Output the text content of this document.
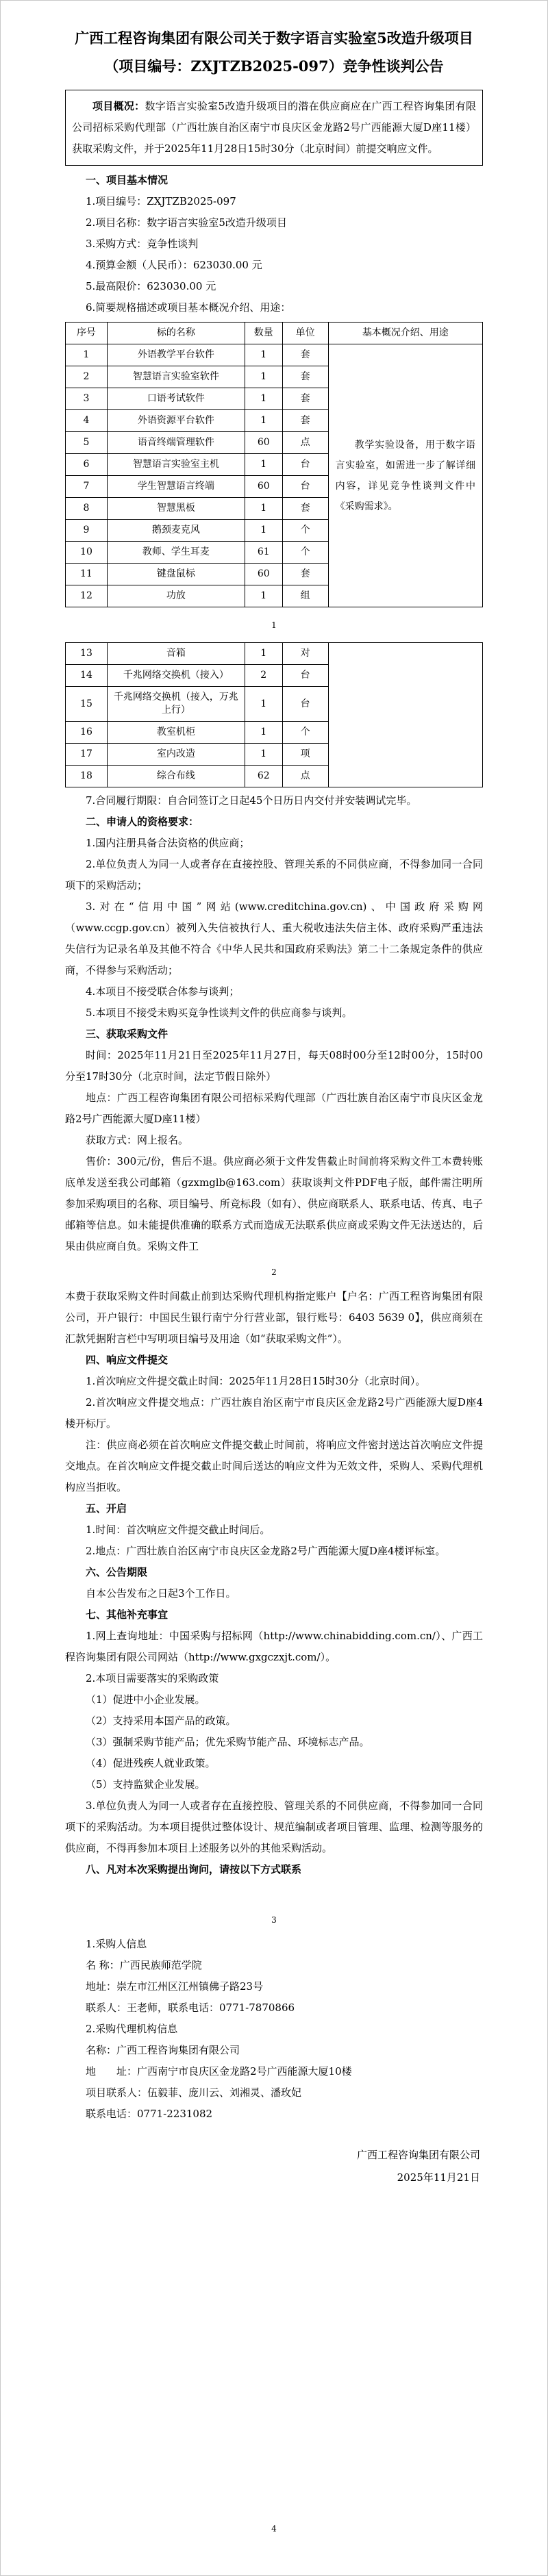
广西工程咨询集团有限公司关于数字语言实验室5改造升级项目
（项目编号：ZXJTZB2025-097）竞争性谈判公告

项目概况：数字语言实验室5改造升级项目的潜在供应商应在广西工程咨询集团有限公司招标采购代理部（广西壮族自治区南宁市良庆区金龙路2号广西能源大厦D座11楼）获取采购文件，并于2025年11月28日15时30分（北京时间）前提交响应文件。

一、项目基本情况

1.项目编号：ZXJTZB2025-097

2.项目名称：数字语言实验室5改造升级项目

3.采购方式：竞争性谈判

4.预算金额（人民币）：623030.00 元

5.最高限价：623030.00 元

6.简要规格描述或项目基本概况介绍、用途：

序号	标的名称	数量	单位	基本概况介绍、用途
1	外语教学平台软件	1	套	教学实验设备，用于数字语言实验室，如需进一步了解详细内容，详见竞争性谈判文件中《采购需求》。
2	智慧语言实验室软件	1	套	
3	口语考试软件	1	套	
4	外语资源平台软件	1	套	
5	语音终端管理软件	60	点	
6	智慧语言实验室主机	1	台	
7	学生智慧语言终端	60	台	
8	智慧黑板	1	套	
9	鹅颈麦克风	1	个	
10	教师、学生耳麦	61	个	
11	键盘鼠标	60	套	
12	功放	1	组	
1
13	音箱	1	对	
14	千兆网络交换机（接入）	2	台	
15	千兆网络交换机（接入，万兆上行）	1	台	
16	教室机柜	1	个	
17	室内改造	1	项	
18	综合布线	62	点	

7.合同履行期限：自合同签订之日起45个日历日内交付并安装调试完毕。

二、申请人的资格要求：

1.国内注册具备合法资格的供应商；

2.单位负责人为同一人或者存在直接控股、管理关系的不同供应商，不得参加同一合同项下的采购活动；

3.对在“信用中国”网站(www.creditchina.gov.cn)、中国政府采购网（www.ccgp.gov.cn）被列入失信被执行人、重大税收违法失信主体、政府采购严重违法失信行为记录名单及其他不符合《中华人民共和国政府采购法》第二十二条规定条件的供应商，不得参与采购活动；

4.本项目不接受联合体参与谈判；

5.本项目不接受未购买竞争性谈判文件的供应商参与谈判。

三、获取采购文件

时间：2025年11月21日至2025年11月27日，每天08时00分至12时00分，15时00分至17时30分（北京时间，法定节假日除外）

地点：广西工程咨询集团有限公司招标采购代理部（广西壮族自治区南宁市良庆区金龙路2号广西能源大厦D座11楼）

获取方式：网上报名。

售价：300元/份，售后不退。供应商必须于文件发售截止时间前将采购文件工本费转账底单发送至我公司邮箱（gzxmglb@163.com）获取谈判文件PDF电子版，邮件需注明所参加采购项目的名称、项目编号、所竞标段（如有）、供应商联系人、联系电话、传真、电子邮箱等信息。如未能提供准确的联系方式而造成无法联系供应商或采购文件无法送达的，后果由供应商自负。采购文件工

2

本费于获取采购文件时间截止前到达采购代理机构指定账户【户名：广西工程咨询集团有限公司，开户银行：中国民生银行南宁分行营业部，银行账号：6403 5639 0】，供应商须在汇款凭据附言栏中写明项目编号及用途（如“获取采购文件”）。

四、响应文件提交

1.首次响应文件提交截止时间：2025年11月28日15时30分（北京时间）。

2.首次响应文件提交地点：广西壮族自治区南宁市良庆区金龙路2号广西能源大厦D座4楼开标厅。

注：供应商必须在首次响应文件提交截止时间前，将响应文件密封送达首次响应文件提交地点。在首次响应文件提交截止时间后送达的响应文件为无效文件，采购人、采购代理机构应当拒收。

五、开启

1.时间：首次响应文件提交截止时间后。

2.地点：广西壮族自治区南宁市良庆区金龙路2号广西能源大厦D座4楼评标室。

六、公告期限

自本公告发布之日起3个工作日。

七、其他补充事宜

1.网上查询地址：中国采购与招标网（http://www.chinabidding.com.cn/）、广西工程咨询集团有限公司网站（http://www.gxgczxjt.com/）。

2.本项目需要落实的采购政策

（1）促进中小企业发展。

（2）支持采用本国产品的政策。

（3）强制采购节能产品；优先采购节能产品、环境标志产品。

（4）促进残疾人就业政策。

（5）支持监狱企业发展。

3.单位负责人为同一人或者存在直接控股、管理关系的不同供应商，不得参加同一合同项下的采购活动。为本项目提供过整体设计、规范编制或者项目管理、监理、检测等服务的供应商，不得再参加本项目上述服务以外的其他采购活动。

八、凡对本次采购提出询问，请按以下方式联系

3

1.采购人信息

名 称：广西民族师范学院

地址：崇左市江州区江州镇佛子路23号

联系人：王老师，联系电话：0771-7870866

2.采购代理机构信息

名称：广西工程咨询集团有限公司

地　　址：广西南宁市良庆区金龙路2号广西能源大厦10楼

项目联系人：伍毅菲、庞川云、刘湘灵、潘玫妃

联系电话：0771-2231082

广西工程咨询集团有限公司
2025年11月21日
4
